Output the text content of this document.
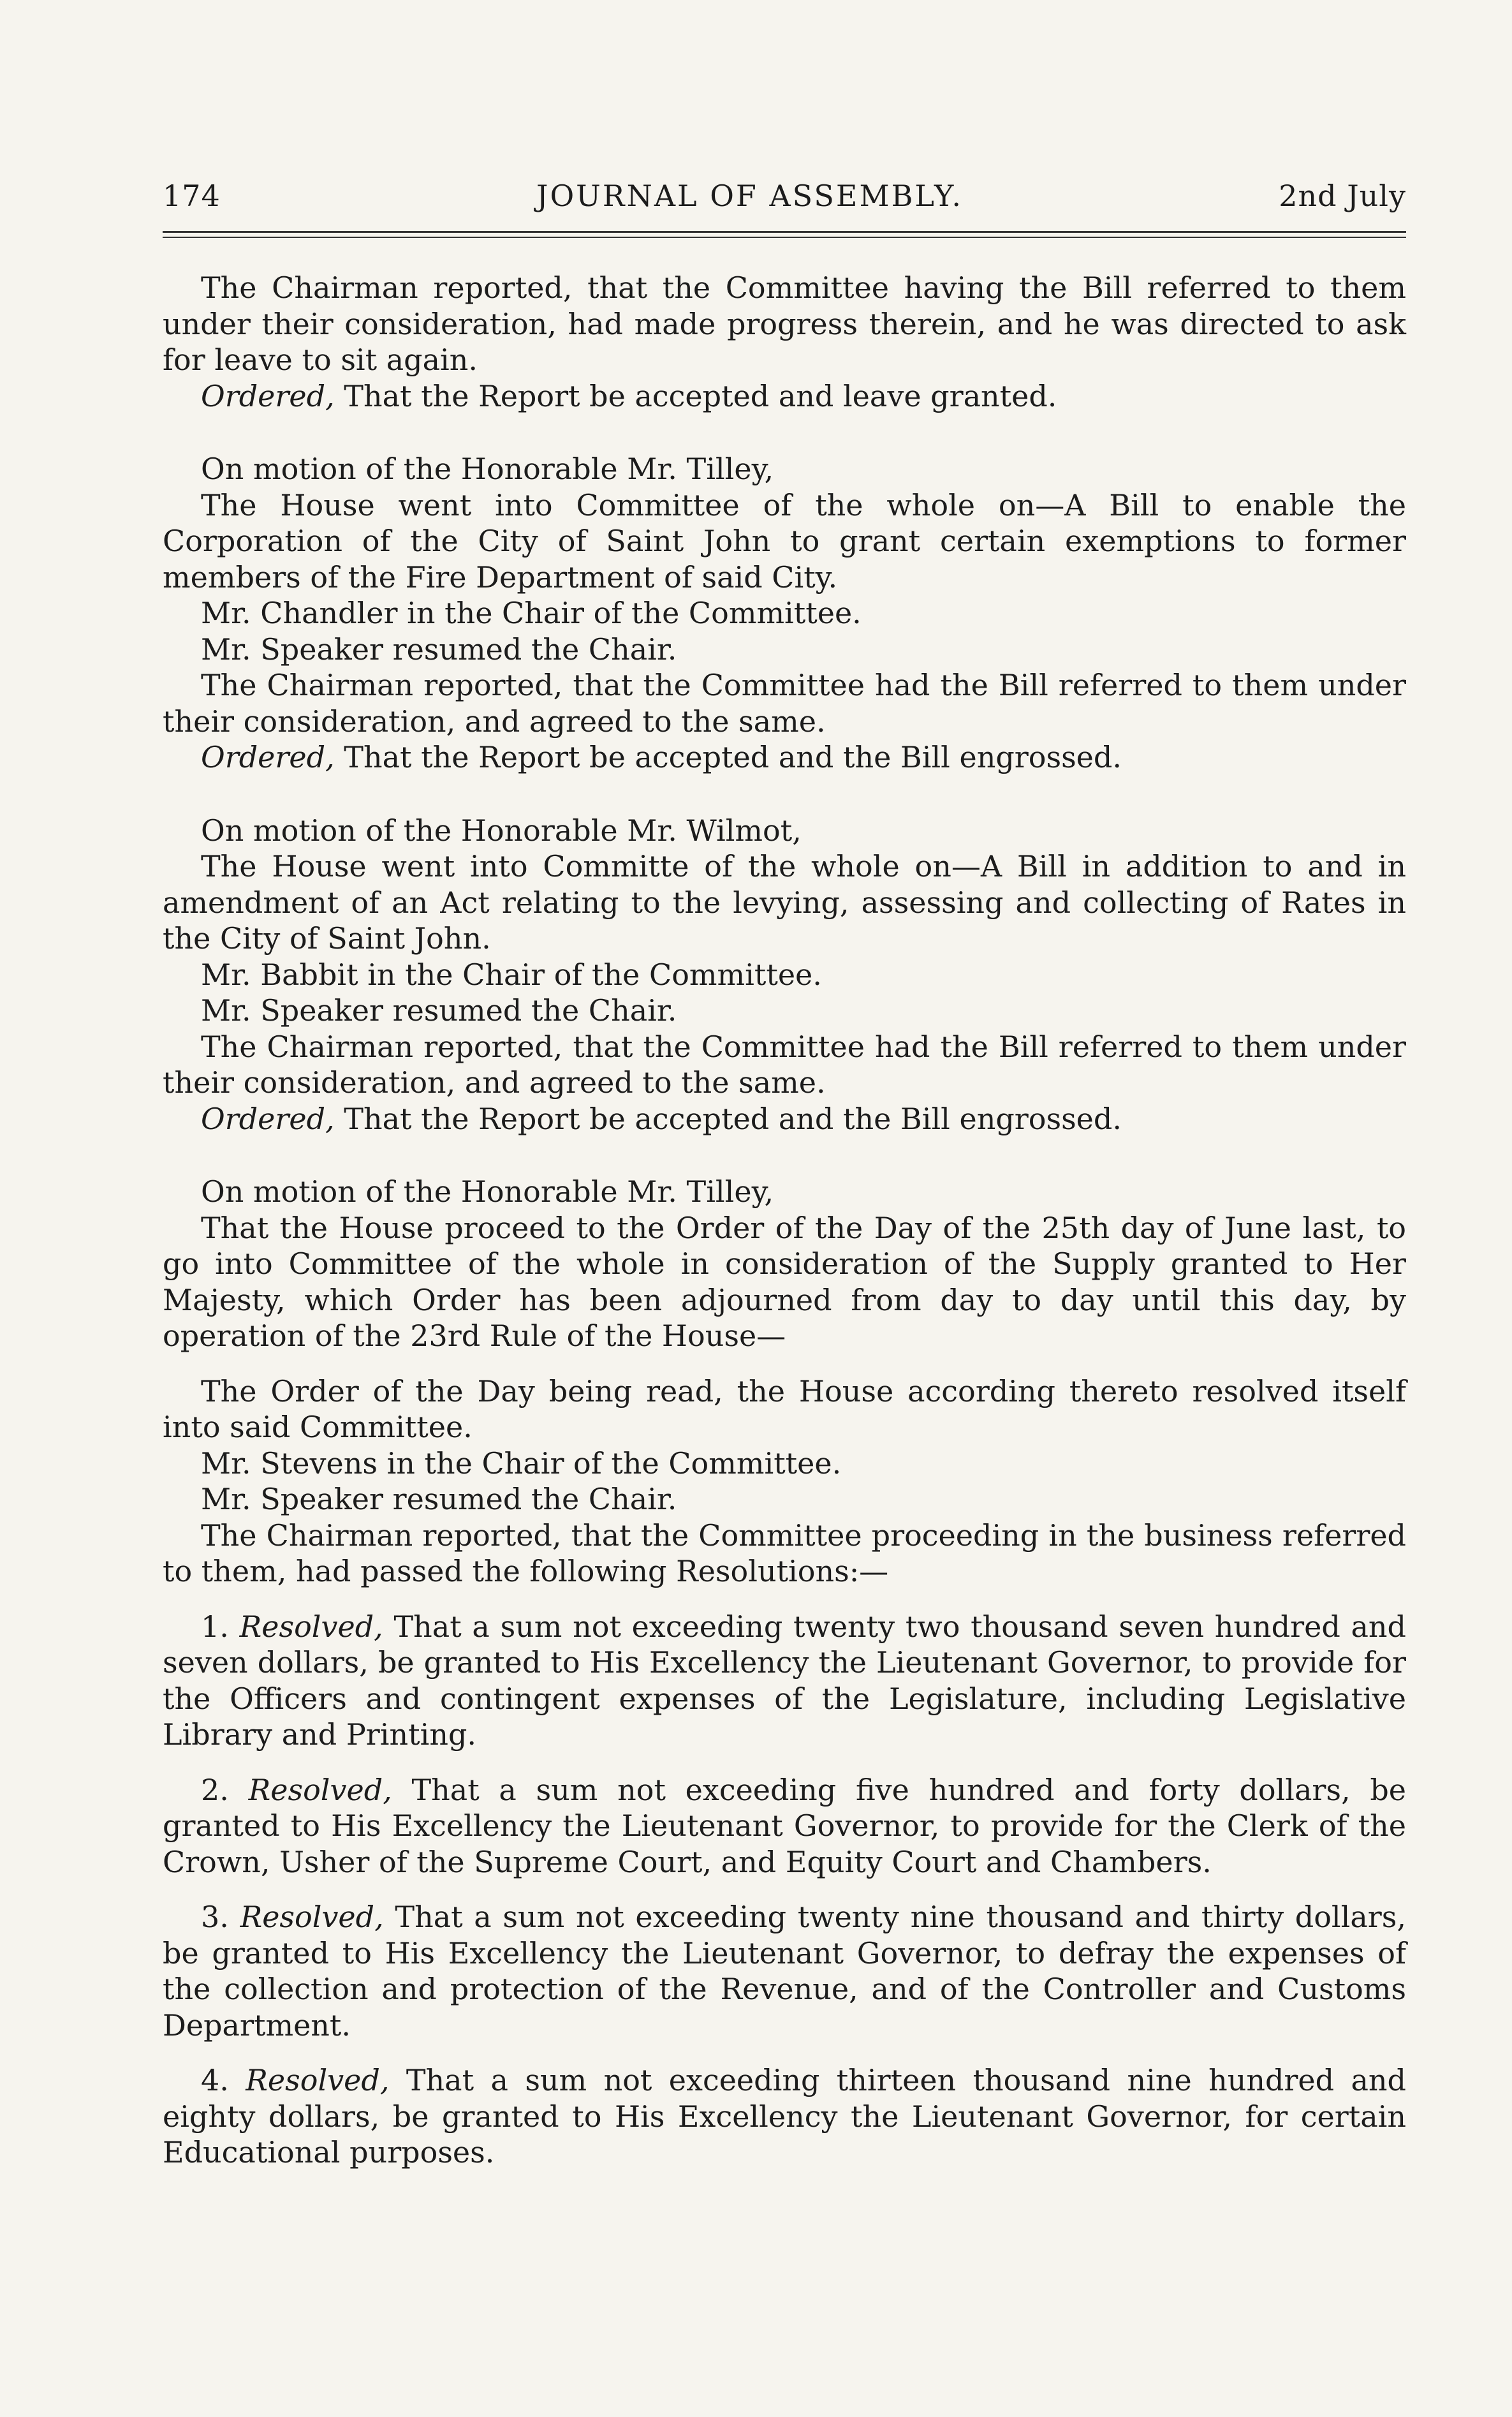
174	JOURNAL OF ASSEMBLY.	2nd July

The Chairman reported, that the Committee having the Bill referred to them under their consideration, had made progress therein, and he was directed to ask for leave to sit again.

Ordered, That the Report be accepted and leave granted.

On motion of the Honorable Mr. Tilley,

The House went into Committee of the whole on—A Bill to enable the Corporation of the City of Saint John to grant certain exemptions to former members of the Fire Department of said City.

Mr. Chandler in the Chair of the Committee.

Mr. Speaker resumed the Chair.

The Chairman reported, that the Committee had the Bill referred to them under their consideration, and agreed to the same.

Ordered, That the Report be accepted and the Bill engrossed.

On motion of the Honorable Mr. Wilmot,

The House went into Committe of the whole on—A Bill in addition to and in amendment of an Act relating to the levying, assessing and collecting of Rates in the City of Saint John.

Mr. Babbit in the Chair of the Committee.

Mr. Speaker resumed the Chair.

The Chairman reported, that the Committee had the Bill referred to them under their consideration, and agreed to the same.

Ordered, That the Report be accepted and the Bill engrossed.

On motion of the Honorable Mr. Tilley,

That the House proceed to the Order of the Day of the 25th day of June last, to go into Committee of the whole in consideration of the Supply granted to Her Majesty, which Order has been adjourned from day to day until this day, by operation of the 23rd Rule of the House—

The Order of the Day being read, the House according thereto resolved itself into said Committee.

Mr. Stevens in the Chair of the Committee.

Mr. Speaker resumed the Chair.

The Chairman reported, that the Committee proceeding in the business referred to them, had passed the following Resolutions:—

1. Resolved, That a sum not exceeding twenty two thousand seven hundred and seven dollars, be granted to His Excellency the Lieutenant Governor, to provide for the Officers and contingent expenses of the Legislature, including Legislative Library and Printing.

2. Resolved, That a sum not exceeding five hundred and forty dollars, be granted to His Excellency the Lieutenant Governor, to provide for the Clerk of the Crown, Usher of the Supreme Court, and Equity Court and Chambers.

3. Resolved, That a sum not exceeding twenty nine thousand and thirty dollars, be granted to His Excellency the Lieutenant Governor, to defray the expenses of the collection and protection of the Revenue, and of the Controller and Customs Department.

4. Resolved, That a sum not exceeding thirteen thousand nine hundred and eighty dollars, be granted to His Excellency the Lieutenant Governor, for certain Educational purposes.
